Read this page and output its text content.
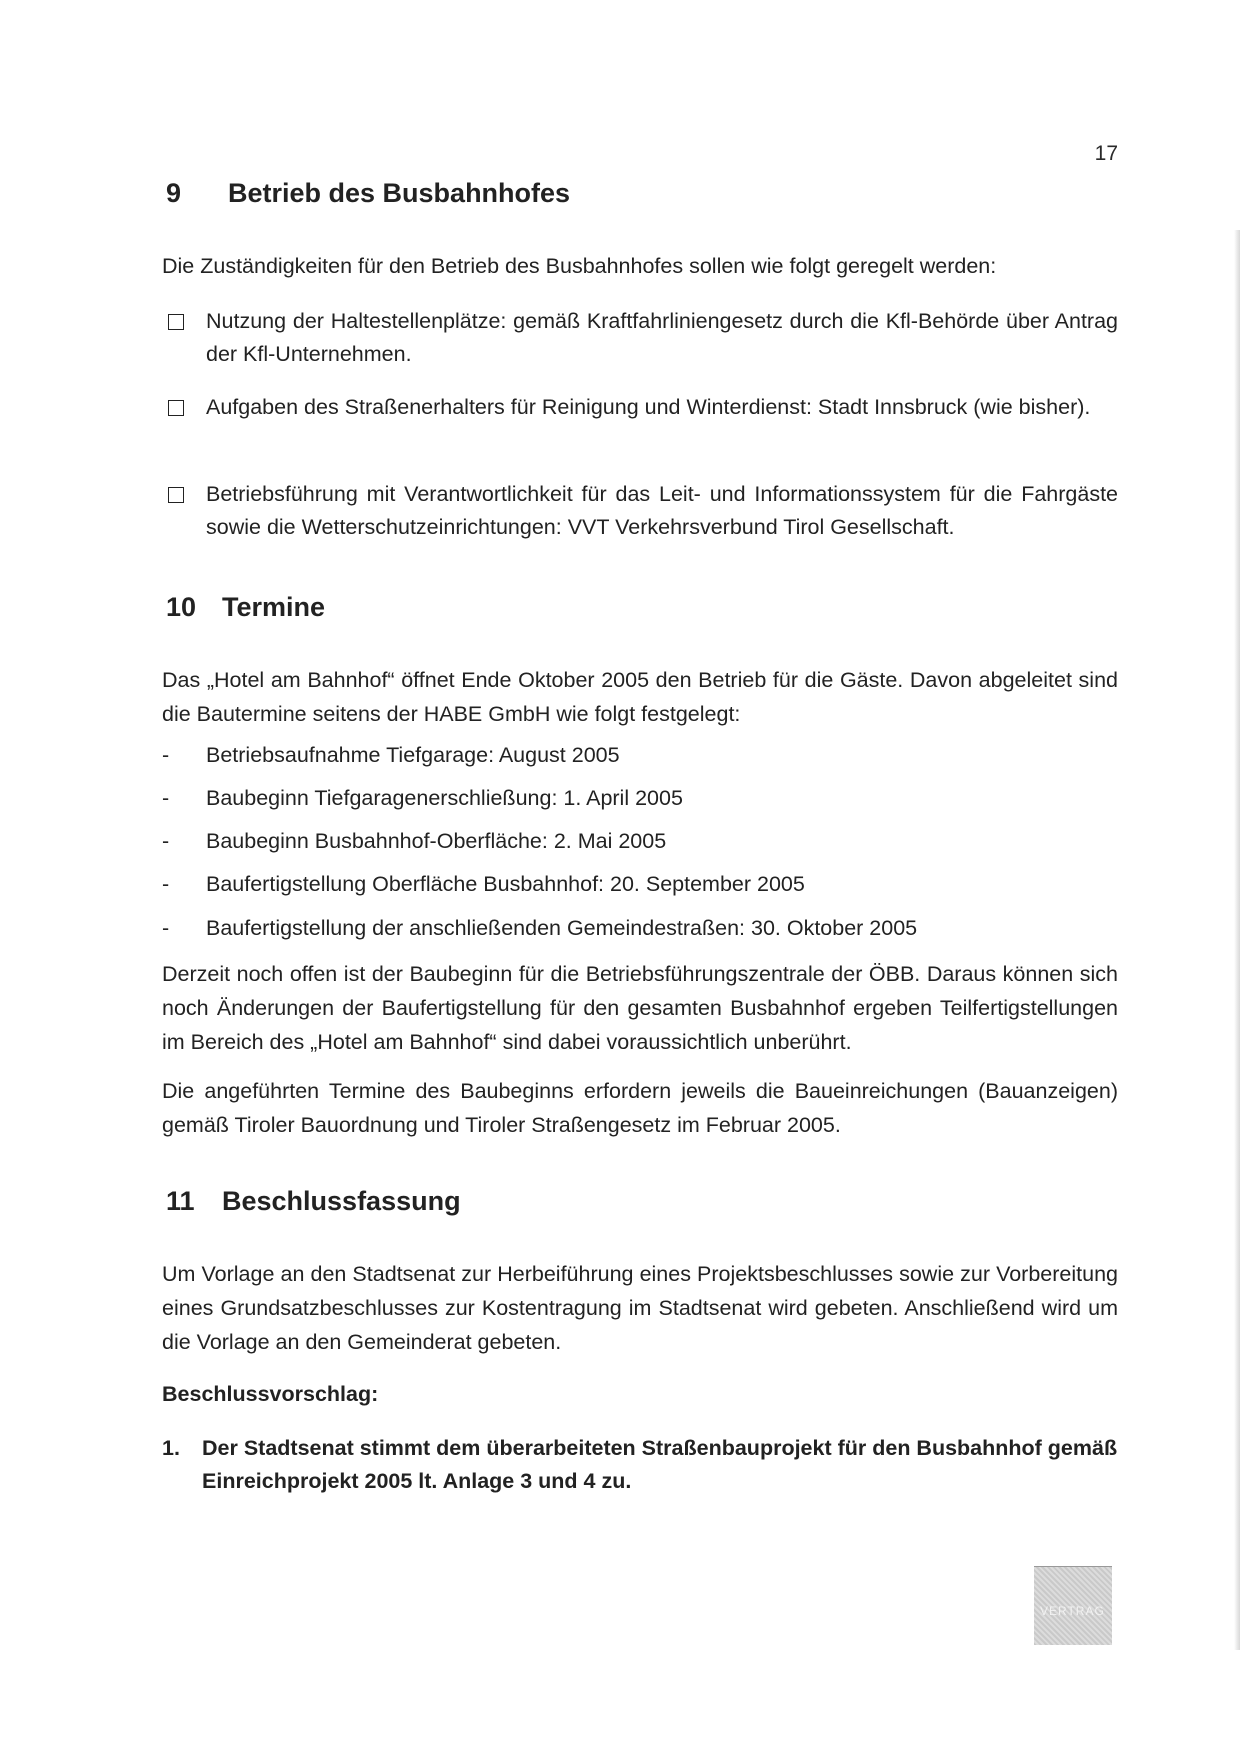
17
9	Betrieb des Busbahnhofes
Die Zuständigkeiten für den Betrieb des Busbahnhofes sollen wie folgt geregelt werden:
Nutzung der Haltestellenplätze: gemäß Kraftfahrliniengesetz durch die Kfl-Behörde über Antrag der Kfl-Unternehmen.
Aufgaben des Straßenerhalters für Reinigung und Winterdienst: Stadt Innsbruck (wie bisher).
Betriebsführung mit Verantwortlichkeit für das Leit- und Informationssystem für die Fahrgäste sowie die Wetterschutzeinrichtungen: VVT Verkehrsverbund Tirol Gesellschaft.
10 Termine
Das „Hotel am Bahnhof“ öffnet Ende Oktober 2005 den Betrieb für die Gäste. Davon abgeleitet sind die Bautermine seitens der HABE GmbH wie folgt festgelegt:
-	Betriebsaufnahme Tiefgarage: August 2005
-	Baubeginn Tiefgaragenerschließung: 1. April 2005
-	Baubeginn Busbahnhof-Oberfläche: 2. Mai 2005
-	Baufertigstellung Oberfläche Busbahnhof: 20. September 2005
-	Baufertigstellung der anschließenden Gemeindestraßen: 30. Oktober 2005
Derzeit noch offen ist der Baubeginn für die Betriebsführungszentrale der ÖBB. Daraus können sich noch Änderungen der Baufertigstellung für den gesamten Busbahnhof ergeben Teilfertigstellungen im Bereich des „Hotel am Bahnhof“ sind dabei voraussichtlich unberührt.
Die angeführten Termine des Baubeginns erfordern jeweils die Baueinreichungen (Bauanzeigen) gemäß Tiroler Bauordnung und Tiroler Straßengesetz im Februar 2005.
11	Beschlussfassung
Um Vorlage an den Stadtsenat zur Herbeiführung eines Projektsbeschlusses sowie zur Vorbereitung eines Grundsatzbeschlusses zur Kostentragung im Stadtsenat wird gebeten. Anschließend wird um die Vorlage an den Gemeinderat gebeten.
Beschlussvorschlag:
1.	Der Stadtsenat stimmt dem überarbeiteten Straßenbauprojekt für den Busbahnhof gemäß Einreichprojekt 2005 lt. Anlage 3 und 4 zu.
VERTRAG
